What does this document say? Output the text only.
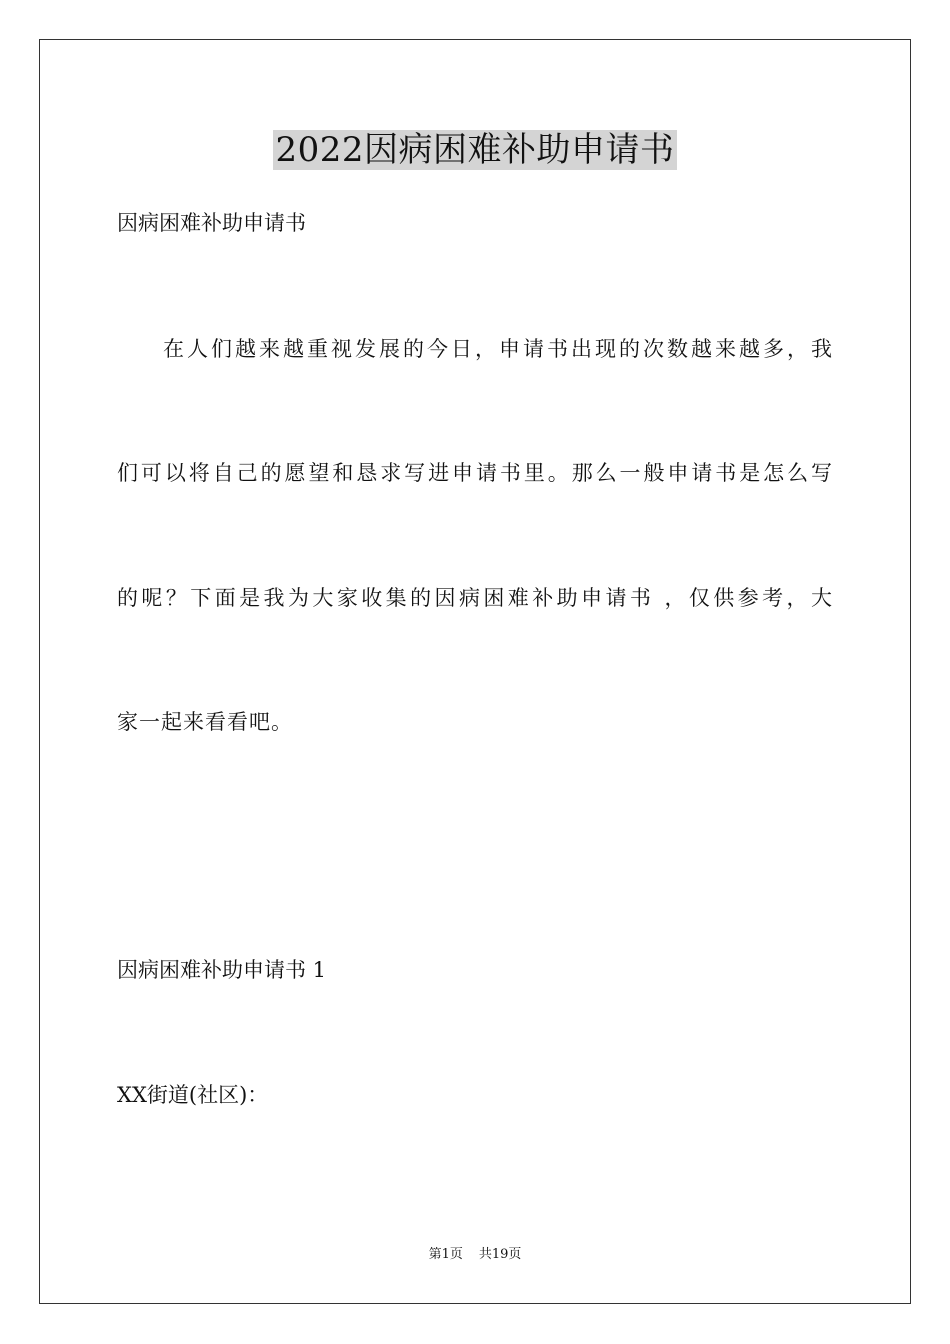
2022因病困难补助申请书

因病困难补助申请书

在人们越来越重视发展的今日，申请书出现的次数越来越多，我

们可以将自己的愿望和恳求写进申请书里。那么一般申请书是怎么写

的呢？下面是我为大家收集的因病困难补助申请书 ，仅供参考，大

家一起来看看吧。

因病困难补助申请书 1

XX街道(社区)：

第1页 共19页
